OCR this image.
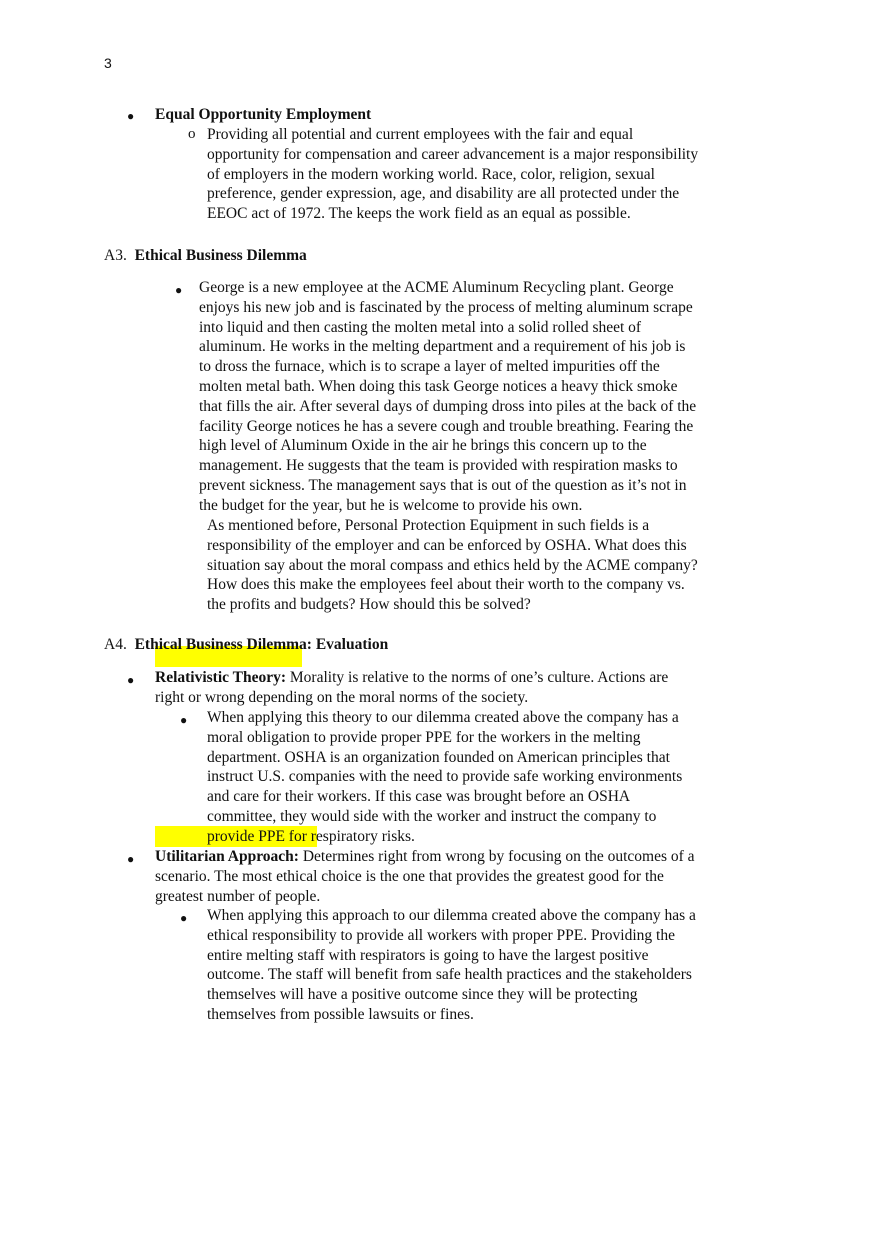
3
● Equal Opportunity Employment
o Providing all potential and current employees with the fair and equal
opportunity for compensation and career advancement is a major responsibility
of employers in the modern working world. Race, color, religion, sexual
preference, gender expression, age, and disability are all protected under the
EEOC act of 1972. The keeps the work field as an equal as possible.
A3. Ethical Business Dilemma
● George is a new employee at the ACME Aluminum Recycling plant. George
enjoys his new job and is fascinated by the process of melting aluminum scrape
into liquid and then casting the molten metal into a solid rolled sheet of
aluminum. He works in the melting department and a requirement of his job is
to dross the furnace, which is to scrape a layer of melted impurities off the
molten metal bath. When doing this task George notices a heavy thick smoke
that fills the air. After several days of dumping dross into piles at the back of the
facility George notices he has a severe cough and trouble breathing. Fearing the
high level of Aluminum Oxide in the air he brings this concern up to the
management. He suggests that the team is provided with respiration masks to
prevent sickness. The management says that is out of the question as it’s not in
the budget for the year, but he is welcome to provide his own.
As mentioned before, Personal Protection Equipment in such fields is a
responsibility of the employer and can be enforced by OSHA. What does this
situation say about the moral compass and ethics held by the ACME company?
How does this make the employees feel about their worth to the company vs.
the profits and budgets? How should this be solved?
A4. Ethical Business Dilemma: Evaluation
● Relativistic Theory: Morality is relative to the norms of one’s culture. Actions are
right or wrong depending on the moral norms of the society.
● When applying this theory to our dilemma created above the company has a
moral obligation to provide proper PPE for the workers in the melting
department. OSHA is an organization founded on American principles that
instruct U.S. companies with the need to provide safe working environments
and care for their workers. If this case was brought before an OSHA
committee, they would side with the worker and instruct the company to
provide PPE for respiratory risks.
● Utilitarian Approach: Determines right from wrong by focusing on the outcomes of a
scenario. The most ethical choice is the one that provides the greatest good for the
greatest number of people.
● When applying this approach to our dilemma created above the company has a
ethical responsibility to provide all workers with proper PPE. Providing the
entire melting staff with respirators is going to have the largest positive
outcome. The staff will benefit from safe health practices and the stakeholders
themselves will have a positive outcome since they will be protecting
themselves from possible lawsuits or fines.
